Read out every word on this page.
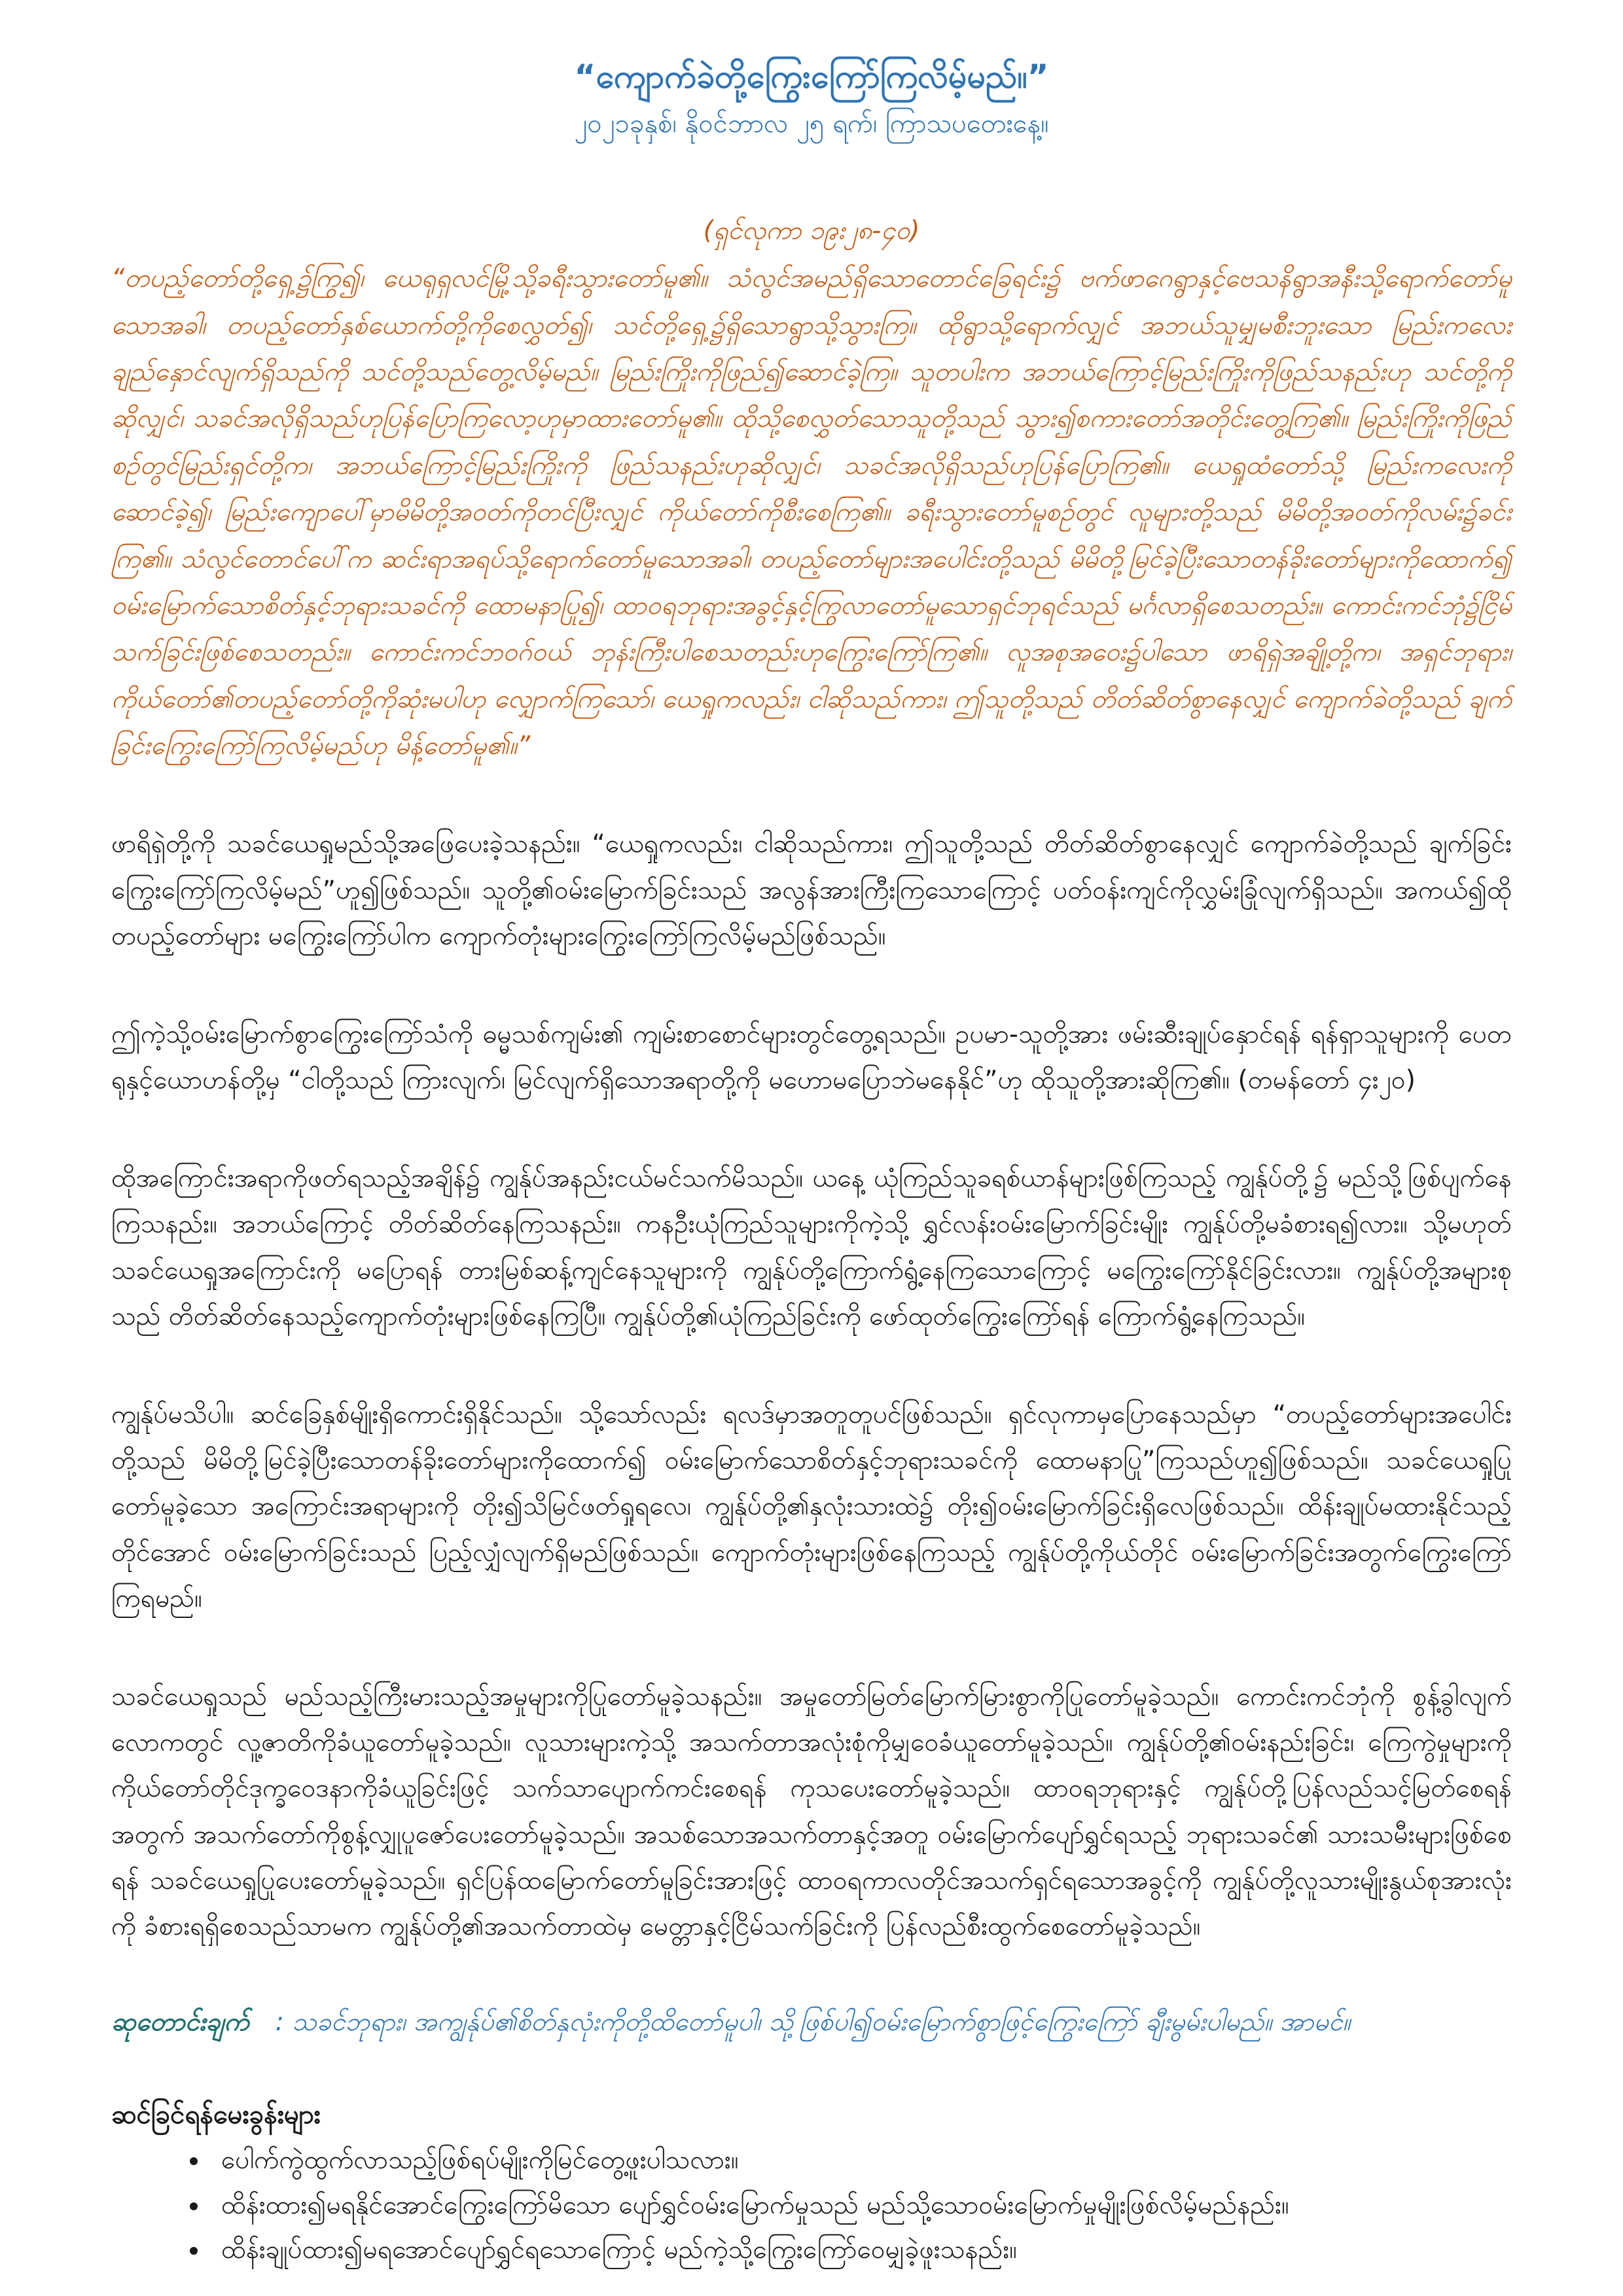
“ကျောက်ခဲတို့ကြွေးကြော်ကြလိမ့်မည်။”
၂၀၂၁ခုနှစ်၊ နိုဝင်ဘာလ ၂၅ ရက်၊ ကြာသပတေးနေ့။
(ရှင်လုကာ ၁၉း၂၈-၄၀)
“တပည့်တော်တို့ရှေ့၌ကြွ၍၊ ယေရုရှလင်မြို့သို့ခရီးသွားတော်မူ၏။ သံလွင်အမည်ရှိသောတောင်ခြေရင်း၌ ဗက်ဖာဂေရွာနှင့်ဗေသနိရွာအနီးသို့ရောက်တော်မူသောအခါ၊ တပည့်တော်နှစ်ယောက်တို့ကိုစေလွှတ်၍၊ သင်တို့ရှေ့၌ရှိသောရွာသို့သွားကြ။ ထိုရွာသို့ရောက်လျှင် အဘယ်သူမျှမစီးဘူးသော မြည်းကလေး ချည်နှောင်လျက်ရှိသည်ကို သင်တို့သည်တွေ့လိမ့်မည်။ မြည်းကြိုးကိုဖြည်၍ဆောင်ခဲ့ကြ။ သူတပါးက အဘယ်ကြောင့်မြည်းကြိုးကိုဖြည်သနည်းဟု သင်တို့ကိုဆိုလျှင်၊ သခင်အလိုရှိသည်ဟုပြန်ပြောကြလော့ဟုမှာထားတော်မူ၏။ ထိုသို့စေလွှတ်သောသူတို့သည် သွား၍စကားတော်အတိုင်းတွေ့ကြ၏။ မြည်းကြိုးကိုဖြည်စဉ်တွင်မြည်းရှင်တို့က၊ အဘယ်ကြောင့်မြည်းကြိုးကို ဖြည်သနည်းဟုဆိုလျှင်၊ သခင်အလိုရှိသည်ဟုပြန်ပြောကြ၏။ ယေရှုထံတော်သို့ မြည်းကလေးကိုဆောင်ခဲ့၍၊ မြည်းကျောပေါ်မှာမိမိတို့အဝတ်ကိုတင်ပြီးလျှင် ကိုယ်တော်ကိုစီးစေကြ၏။ ခရီးသွားတော်မူစဉ်တွင် လူများတို့သည် မိမိတို့အဝတ်ကိုလမ်း၌ခင်းကြ၏။ သံလွင်တောင်ပေါ်က ဆင်းရာအရပ်သို့ရောက်တော်မူသောအခါ၊ တပည့်တော်များအပေါင်းတို့သည် မိမိတို့မြင်ခဲ့ပြီးသောတန်ခိုးတော်များကိုထောက်၍ ဝမ်းမြောက်သောစိတ်နှင့်ဘုရားသခင်ကို ထောမနာပြု၍၊ ထာဝရဘုရားအခွင့်နှင့်ကြွလာတော်မူသောရှင်ဘုရင်သည် မင်္ဂလာရှိစေသတည်း။ ကောင်းကင်ဘုံ၌ငြိမ်သက်ခြင်းဖြစ်စေသတည်း။ ကောင်းကင်ဘဝဂ်ဝယ် ဘုန်းကြီးပါစေသတည်းဟုကြွေးကြော်ကြ၏။ လူအစုအဝေး၌ပါသော ဖာရိရှဲအချို့တို့က၊ အရှင်ဘုရား၊ ကိုယ်တော်၏တပည့်တော်တို့ကိုဆုံးမပါဟု လျှောက်ကြသော်၊ ယေရှုကလည်း၊ ငါဆိုသည်ကား၊ ဤသူတို့သည် တိတ်ဆိတ်စွာနေလျှင် ကျောက်ခဲတို့သည် ချက်ခြင်းကြွေးကြော်ကြလိမ့်မည်ဟု မိန့်တော်မူ၏။”

ဖာရိရှဲတို့ကို သခင်ယေရှုမည်သို့အဖြေပေးခဲ့သနည်း။ “ယေရှုကလည်း၊ ငါဆိုသည်ကား၊ ဤသူတို့သည် တိတ်ဆိတ်စွာနေလျှင် ကျောက်ခဲတို့သည် ချက်ခြင်းကြွေးကြော်ကြလိမ့်မည်”ဟူ၍ဖြစ်သည်။ သူတို့၏ဝမ်းမြောက်ခြင်းသည် အလွန်အားကြီးကြသောကြောင့် ပတ်ဝန်းကျင်ကိုလွှမ်းခြုံလျက်ရှိသည်။ အကယ်၍ထိုတပည့်တော်များ မကြွေးကြော်ပါက ကျောက်တုံးများကြွေးကြော်ကြလိမ့်မည်ဖြစ်သည်။

ဤကဲ့သို့ဝမ်းမြောက်စွာကြွေးကြော်သံကို ဓမ္မသစ်ကျမ်း၏ ကျမ်းစာစောင်များတွင်တွေ့ရသည်။ ဥပမာ-သူတို့အား ဖမ်းဆီးချုပ်နှောင်ရန် ရန်ရှာသူများကို ပေတရုနှင့်ယောဟန်တို့မှ “ငါတို့သည် ကြားလျက်၊ မြင်လျက်ရှိသောအရာတို့ကို မဟောမပြောဘဲမနေနိုင်”ဟု ထိုသူတို့အားဆိုကြ၏။ (တမန်တော် ၄း၂၀)

ထိုအကြောင်းအရာကိုဖတ်ရသည့်အချိန်၌ ကျွန်ုပ်အနည်းငယ်မင်သက်မိသည်။ ယနေ့ ယုံကြည်သူခရစ်ယာန်များဖြစ်ကြသည့် ကျွန်ုပ်တို့၌ မည်သို့ဖြစ်ပျက်နေကြသနည်း။ အဘယ်ကြောင့် တိတ်ဆိတ်နေကြသနည်း။ ကနဦးယုံကြည်သူများကိုကဲ့သို့ ရွှင်လန်းဝမ်းမြောက်ခြင်းမျိုး ကျွန်ုပ်တို့မခံစားရ၍လား။ သို့မဟုတ် သခင်ယေရှုအကြောင်းကို မပြောရန် တားမြစ်ဆန့်ကျင်နေသူများကို ကျွန်ုပ်တို့ကြောက်ရွံ့နေကြသောကြောင့် မကြွေးကြော်နိုင်ခြင်းလား။ ကျွန်ုပ်တို့အများစုသည် တိတ်ဆိတ်နေသည့်ကျောက်တုံးများဖြစ်နေကြပြီ။ ကျွန်ုပ်တို့၏ယုံကြည်ခြင်းကို ဖော်ထုတ်ကြွေးကြော်ရန် ကြောက်ရွံ့နေကြသည်။

ကျွန်ုပ်မသိပါ။ ဆင်ခြေနှစ်မျိုးရှိကောင်းရှိနိုင်သည်။ သို့သော်လည်း ရလဒ်မှာအတူတူပင်ဖြစ်သည်။ ရှင်လုကာမှပြောနေသည်မှာ “တပည့်တော်များအပေါင်းတို့သည် မိမိတို့မြင်ခဲ့ပြီးသောတန်ခိုးတော်များကိုထောက်၍ ဝမ်းမြောက်သောစိတ်နှင့်ဘုရားသခင်ကို ထောမနာပြု”ကြသည်ဟူ၍ဖြစ်သည်။ သခင်ယေရှုပြုတော်မူခဲ့သော အကြောင်းအရာများကို တိုး၍သိမြင်ဖတ်ရှုရလေ၊ ကျွန်ုပ်တို့၏နှလုံးသားထဲ၌ တိုး၍ဝမ်းမြောက်ခြင်းရှိလေဖြစ်သည်။ ထိန်းချုပ်မထားနိုင်သည့်တိုင်အောင် ဝမ်းမြောက်ခြင်းသည် ပြည့်လျှံလျက်ရှိမည်ဖြစ်သည်။ ကျောက်တုံးများဖြစ်နေကြသည့် ကျွန်ုပ်တို့ကိုယ်တိုင် ဝမ်းမြောက်ခြင်းအတွက်ကြွေးကြော်ကြရမည်။

သခင်ယေရှုသည် မည်သည့်ကြီးမားသည့်အမှုများကိုပြုတော်မူခဲ့သနည်း။ အမှုတော်မြတ်မြောက်မြားစွာကိုပြုတော်မူခဲ့သည်။ ကောင်းကင်ဘုံကို စွန့်ခွါလျက် လောကတွင် လူ့ဇာတိကိုခံယူတော်မူခဲ့သည်။ လူသားများကဲ့သို့ အသက်တာအလုံးစုံကိုမျှဝေခံယူတော်မူခဲ့သည်။ ကျွန်ုပ်တို့၏ဝမ်းနည်းခြင်း၊ ကြေကွဲမှုများကို ကိုယ်တော်တိုင်ဒုက္ခဝေဒနာကိုခံယူခြင်းဖြင့် သက်သာပျောက်ကင်းစေရန် ကုသပေးတော်မူခဲ့သည်။ ထာဝရဘုရားနှင့် ကျွန်ုပ်တို့ပြန်လည်သင့်မြတ်စေရန်အတွက် အသက်တော်ကိုစွန့်လျှုပူဇော်ပေးတော်မူခဲ့သည်။ အသစ်သောအသက်တာနှင့်အတူ ဝမ်းမြောက်ပျော်ရွှင်ရသည့် ဘုရားသခင်၏ သားသမီးများဖြစ်စေရန် သခင်ယေရှုပြုပေးတော်မူခဲ့သည်။ ရှင်ပြန်ထမြောက်တော်မူခြင်းအားဖြင့် ထာဝရကာလတိုင်အသက်ရှင်ရသောအခွင့်ကို ကျွန်ုပ်တို့လူသားမျိုးနွယ်စုအားလုံးကို ခံစားရရှိစေသည်သာမက ကျွန်ုပ်တို့၏အသက်တာထဲမှ မေတ္တာနှင့်ငြိမ်သက်ခြင်းကို ပြန်လည်စီးထွက်စေတော်မူခဲ့သည်။

ဆုတောင်းချက် : သခင်ဘုရား၊ အကျွန်ုပ်၏စိတ်နှလုံးကိုတို့ထိတော်မူပါ၊ သို့ဖြစ်ပါ၍ဝမ်းမြောက်စွာဖြင့်ကြွေးကြော် ချီးမွမ်းပါမည်။ အာမင်။
ဆင်ခြင်ရန်မေးခွန်းများ
• ပေါက်ကွဲထွက်လာသည့်ဖြစ်ရပ်မျိုးကိုမြင်တွေ့ဖူးပါသလား။
• ထိန်းထား၍မရနိုင်အောင်ကြွေးကြော်မိသော ပျော်ရွှင်ဝမ်းမြောက်မှုသည် မည်သို့သောဝမ်းမြောက်မှုမျိုးဖြစ်လိမ့်မည်နည်း။
• ထိန်းချုပ်ထား၍မရအောင်ပျော်ရွှင်ရသောကြောင့် မည်ကဲ့သို့ကြွေးကြော်ဝေမျှခဲ့ဖူးသနည်း။
